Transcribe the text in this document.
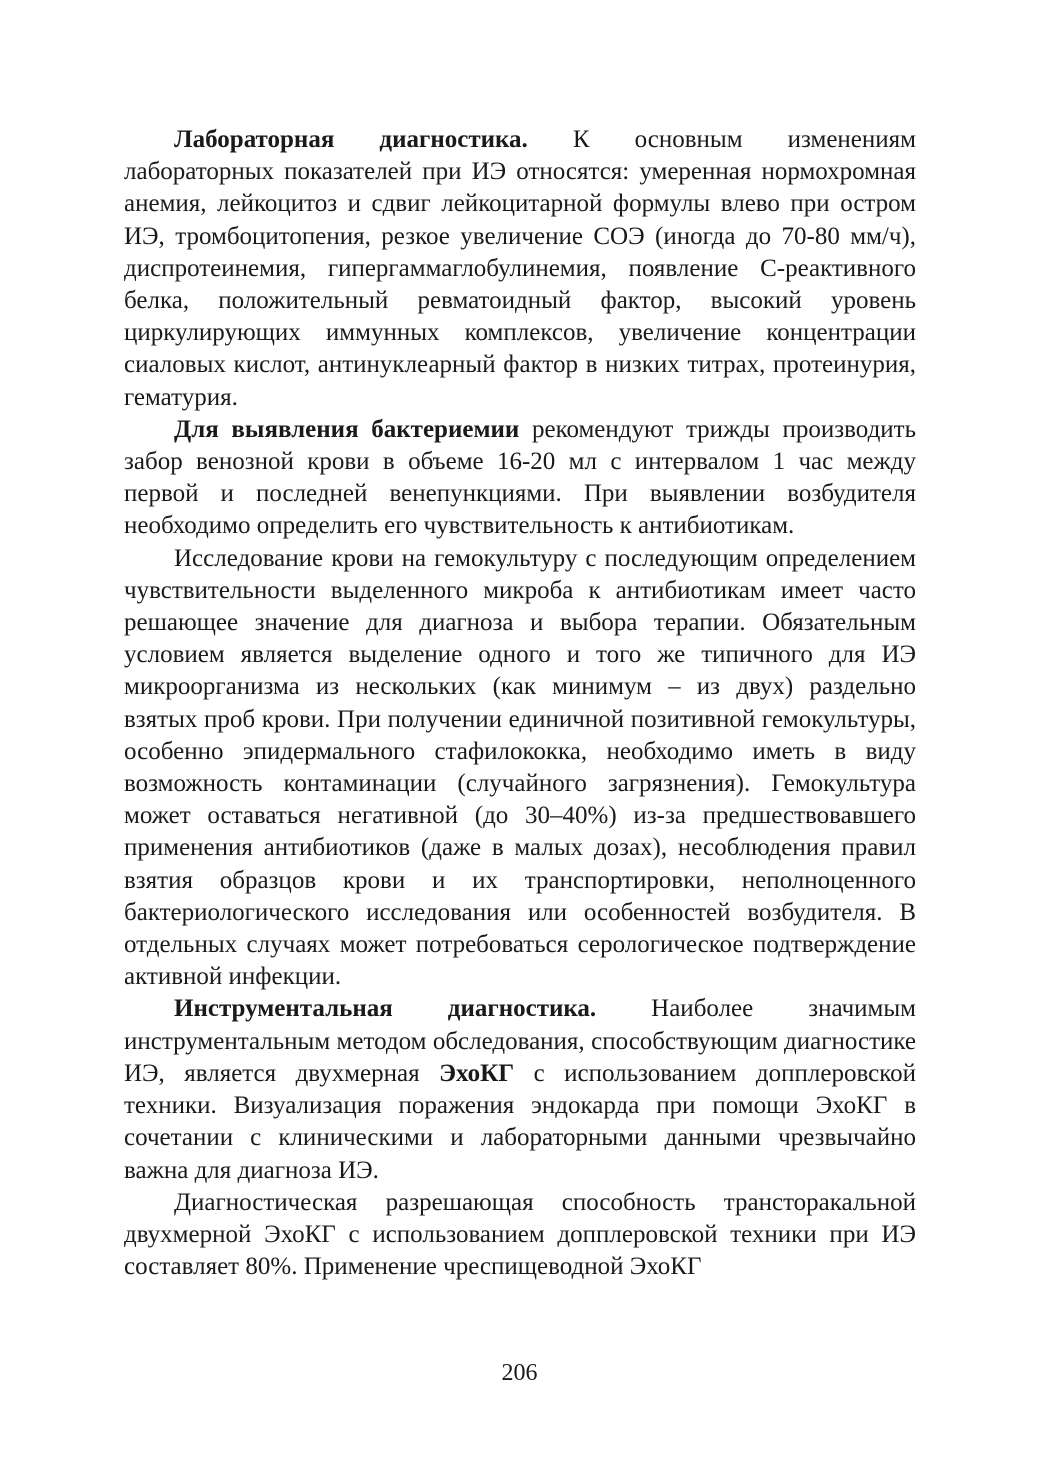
Лабораторная диагностика. К основным изменениям лабораторных показателей при ИЭ относятся: умеренная нормохромная анемия, лейкоцитоз и сдвиг лейкоцитарной формулы влево при остром ИЭ, тромбоцитопения, резкое увеличение СОЭ (иногда до 70-80 мм/ч), диспротеинемия, гипергаммаглобулинемия, появление С-реактивного белка, положительный ревматоидный фактор, высокий уровень циркулирующих иммунных комплексов, увеличение концентрации сиаловых кислот, антинуклеарный фактор в низких титрах, протеинурия, гематурия.

Для выявления бактериемии рекомендуют трижды производить забор венозной крови в объеме 16-20 мл с интервалом 1 час между первой и последней венепункциями. При выявлении возбудителя необходимо определить его чувствительность к антибиотикам.

Исследование крови на гемокультуру с последующим определением чувствительности выделенного микроба к антибиотикам имеет часто решающее значение для диагноза и выбора терапии. Обязательным условием является выделение одного и того же типичного для ИЭ микроорганизма из нескольких (как минимум – из двух) раздельно взятых проб крови. При получении единичной позитивной гемокультуры, особенно эпидермального стафилококка, необходимо иметь в виду возможность контаминации (случайного загрязнения). Гемокультура может оставаться негативной (до 30–40%) из-за предшествовавшего применения антибиотиков (даже в малых дозах), несоблюдения правил взятия образцов крови и их транспортировки, неполноценного бактериологического исследования или особенностей возбудителя. В отдельных случаях может потребоваться серологическое подтверждение активной инфекции.

Инструментальная диагностика. Наиболее значимым инструментальным методом обследования, способствующим диагностике ИЭ, является двухмерная ЭхоКГ с использованием допплеровской техники. Визуализация поражения эндокарда при помощи ЭхоКГ в сочетании с клиническими и лабораторными данными чрезвычайно важна для диагноза ИЭ.

Диагностическая разрешающая способность трансторакальной двухмерной ЭхоКГ с использованием допплеровской техники при ИЭ составляет 80%. Применение чреспищеводной ЭхоКГ

206
